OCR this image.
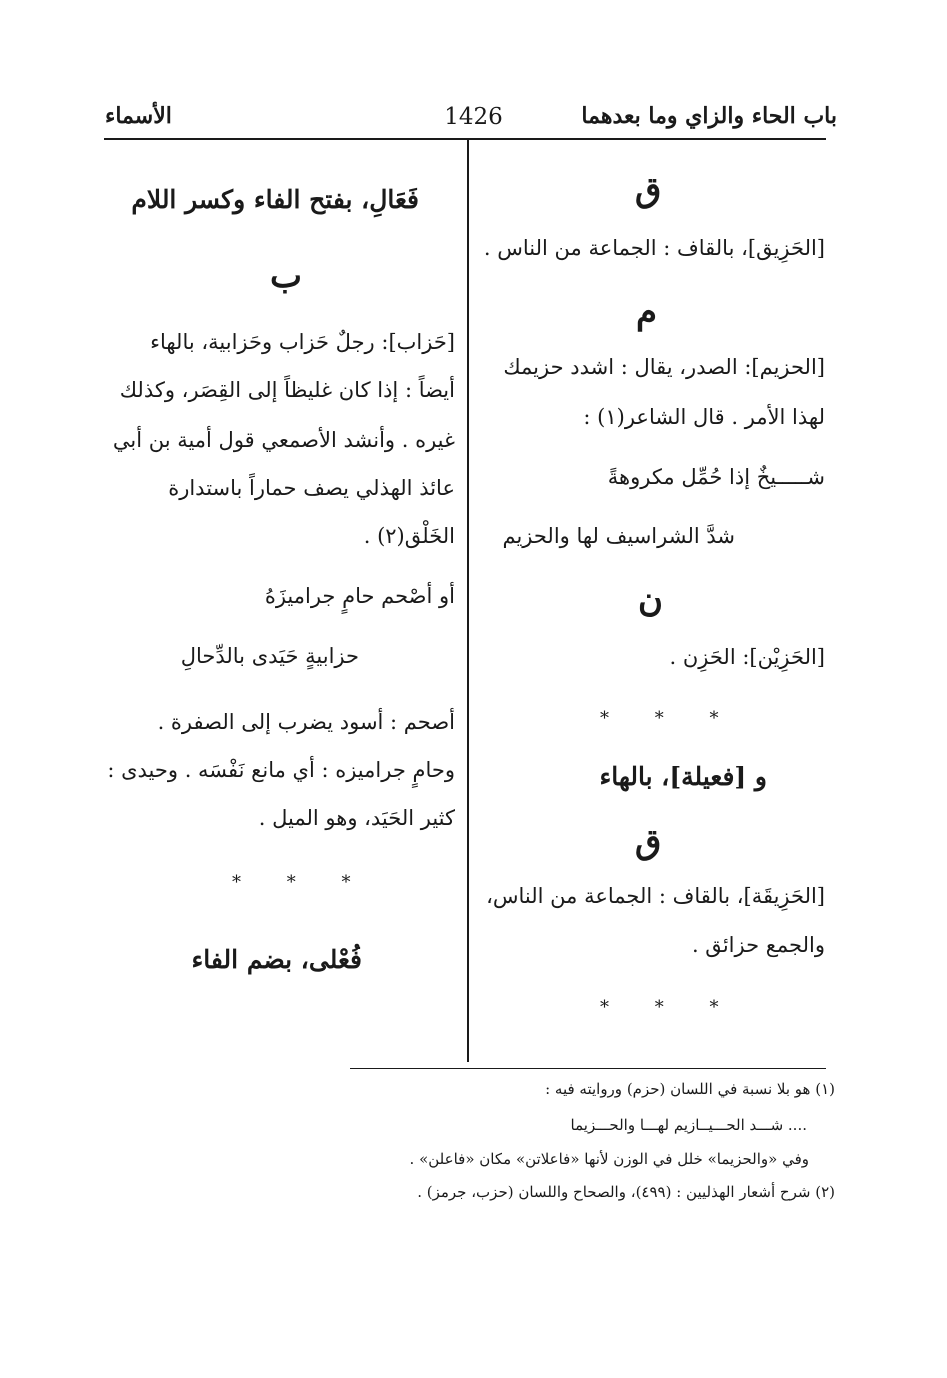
باب الحاء والزاي وما بعدهما
1426
الأسماء
ق
[الحَزِيق]، بالقاف : الجماعة من الناس .
م
[الحزيم]: الصدر، يقال : اشدد حزيمك
لهذا الأمر . قال الشاعر(١) :
شـــــيخٌ إذا حُمِّل مكروهةً
شدَّ الشراسيف لها والحزيم
ن
[الحَزِيْن]: الحَزِن .
* * *
و [فعيلة]، بالهاء
ق
[الحَزِيقَة]، بالقاف : الجماعة من الناس،
والجمع حزائق .
* * *
فَعَالِ، بفتح الفاء وكسر اللام
ب
[حَزاب]: رجلٌ حَزاب وحَزابية، بالهاء
أيضاً : إذا كان غليظاً إلى القِصَر، وكذلك
غيره . وأنشد الأصمعي قول أمية بن أبي
عائذ الهذلي يصف حماراً باستدارة
الخَلْق(٢) .
أو أصْحم حامٍ جراميزَهُ
حزابيةٍ حَيَدى بالدِّحالِ
أصحم : أسود يضرب إلى الصفرة .
وحامٍ جراميزه : أي مانع نَفْسَه . وحيدى :
كثير الحَيَد، وهو الميل .
* * *
فُعْلى، بضم الفاء
(١) هو بلا نسبة في اللسان (حزم) وروايته فيه :
.... شـــد الحـــيــازيم لهـــا والحـــزيما
وفي «والحزيما» خلل في الوزن لأنها «فاعلاتن» مكان «فاعلن» .
(٢) شرح أشعار الهذليين : (٤٩٩)، والصحاح واللسان (حزب، جرمز) .
